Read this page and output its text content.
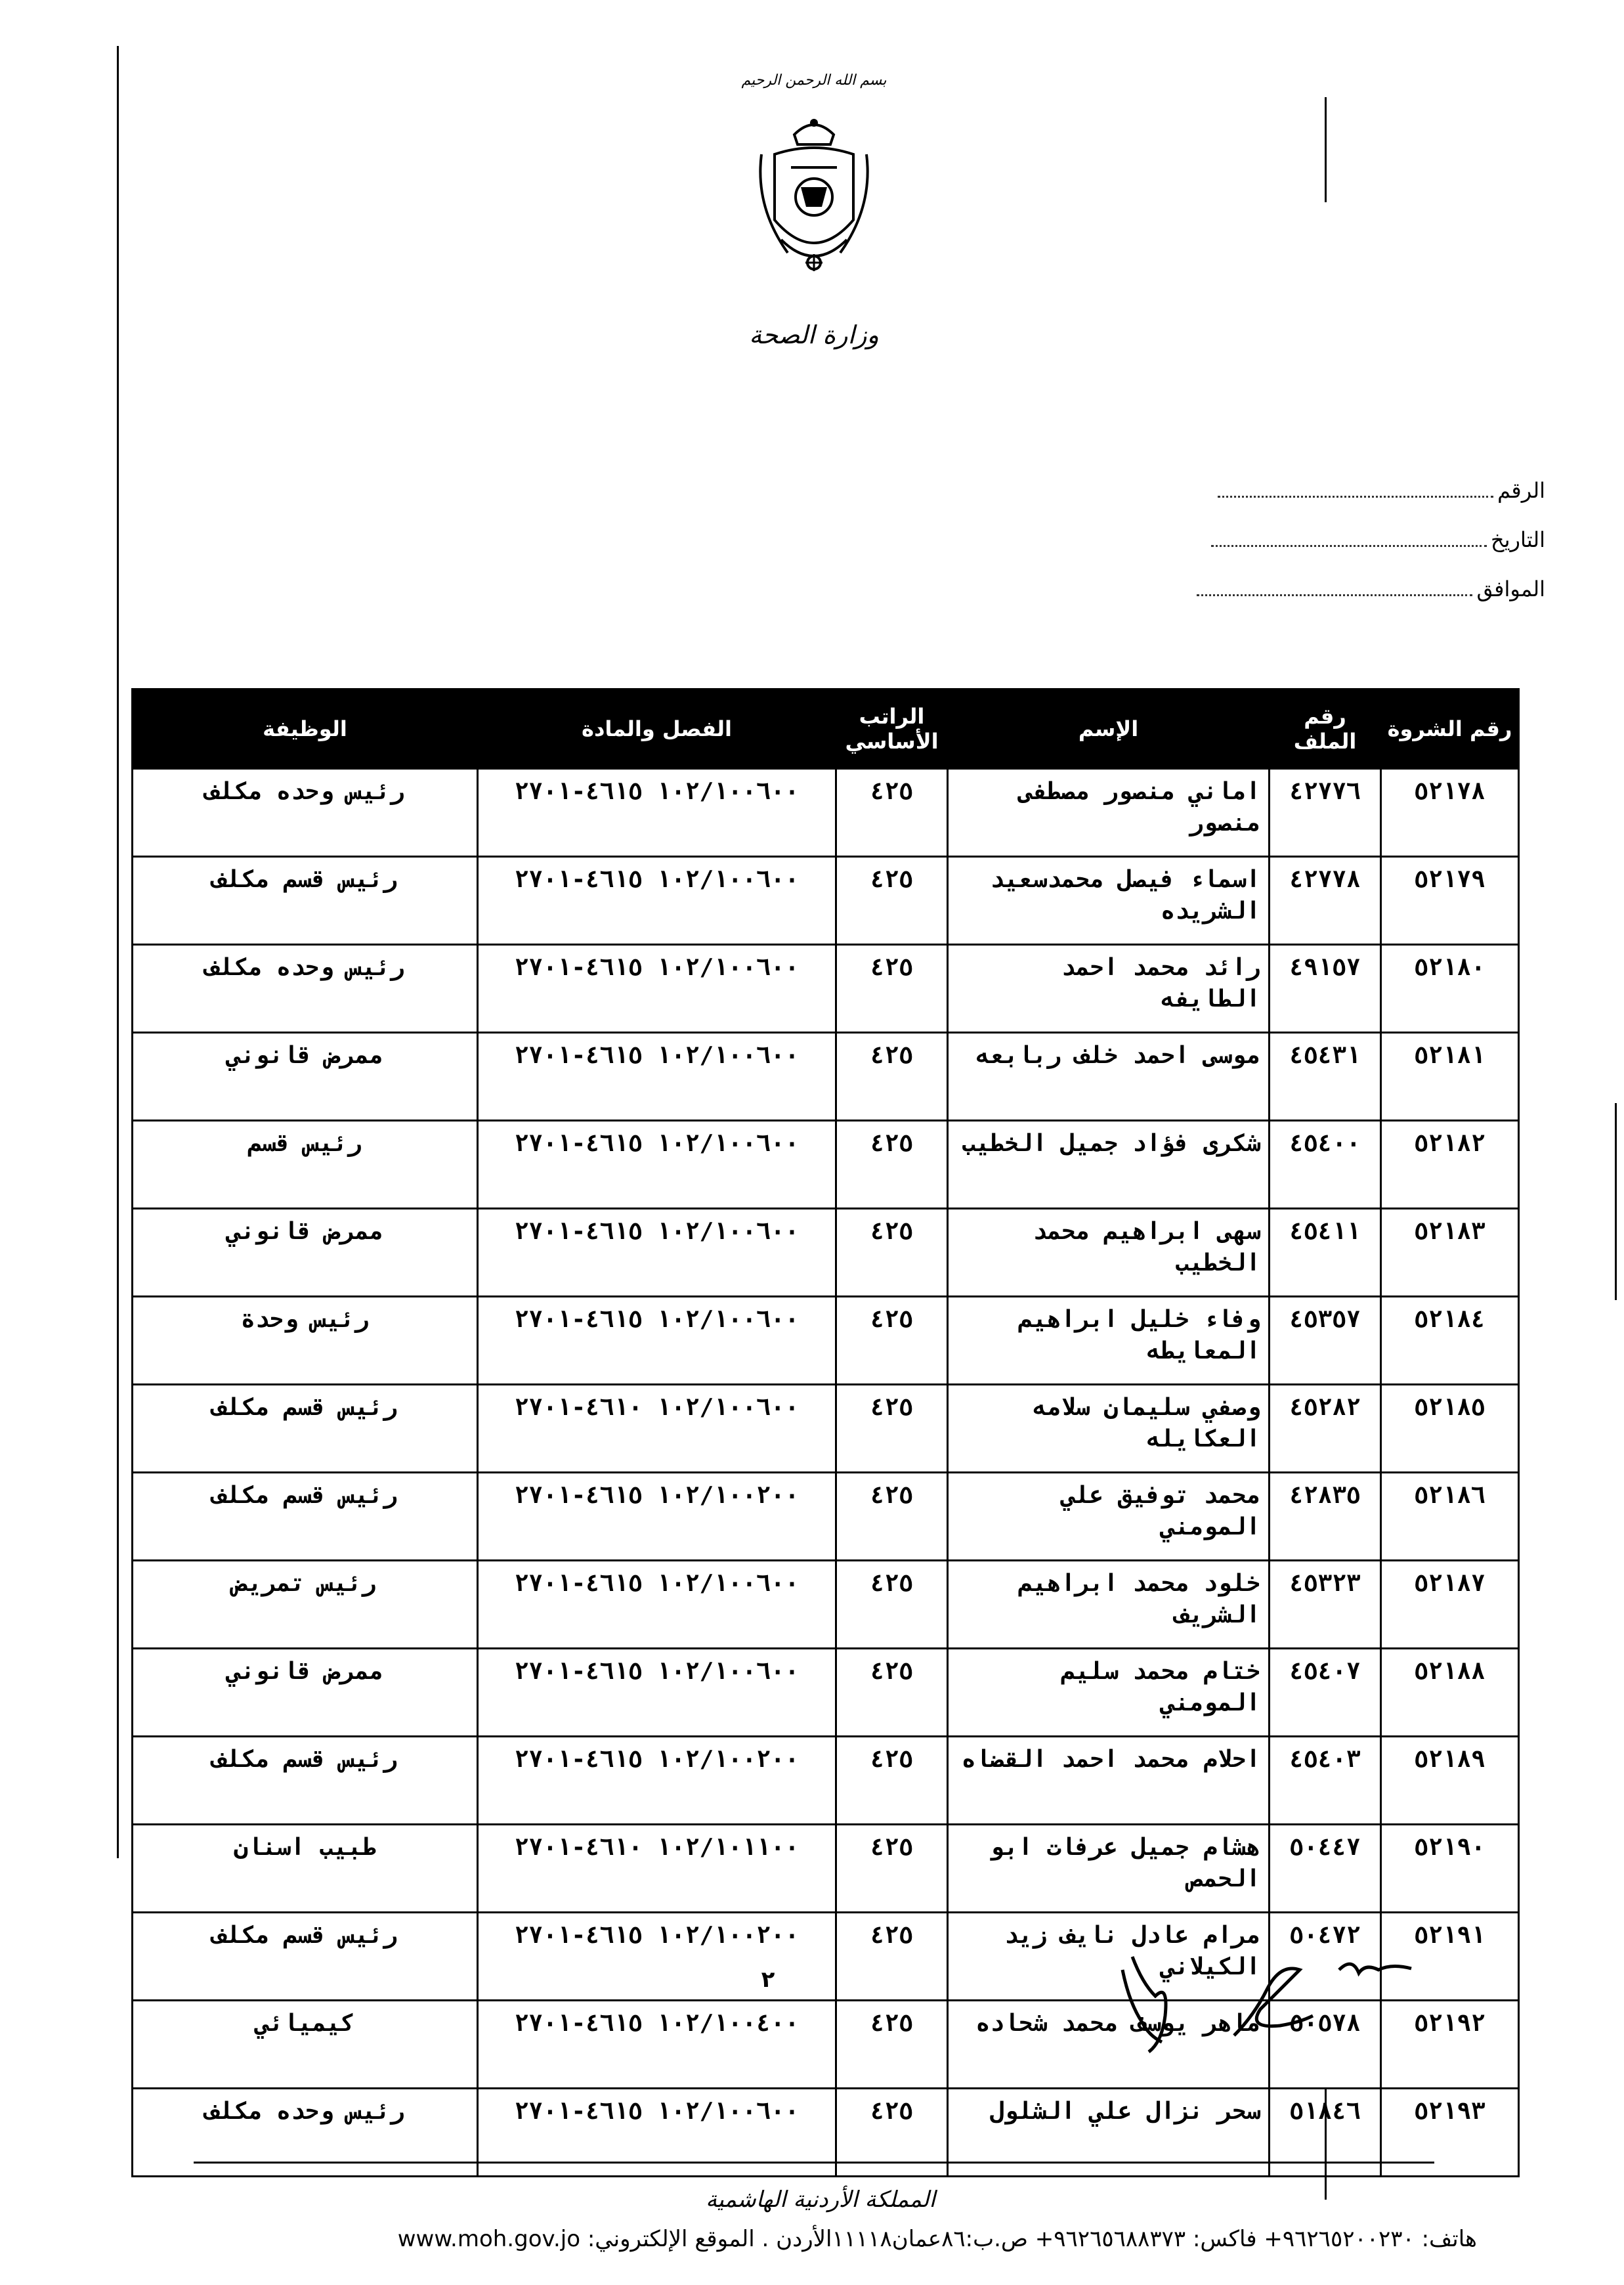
بسم الله الرحمن الرحيم
وزارة الصحة
الرقم
التاريخ
الموافق
رقم الشروة	رقم الملف	الإسم	الراتب الأساسي	الفصل والمادة	الوظيفة
٥٢١٧٨	٤٢٧٧٦	اماني منصور مصطفى منصور	٤٢٥	١٠٢/١٠٠٦٠٠ ٤٦١٥-٢٧٠١	رئيس وحده مكلف
٥٢١٧٩	٤٢٧٧٨	اسماء فيصل محمدسعيد الشريده	٤٢٥	١٠٢/١٠٠٦٠٠ ٤٦١٥-٢٧٠١	رئيس قسم مكلف
٥٢١٨٠	٤٩١٥٧	رائد محمد احمد الطايفه	٤٢٥	١٠٢/١٠٠٦٠٠ ٤٦١٥-٢٧٠١	رئيس وحده مكلف
٥٢١٨١	٤٥٤٣١	موسى احمد خلف ربابعه	٤٢٥	١٠٢/١٠٠٦٠٠ ٤٦١٥-٢٧٠١	ممرض قانوني
٥٢١٨٢	٤٥٤٠٠	شكرى فؤاد جميل الخطيب	٤٢٥	١٠٢/١٠٠٦٠٠ ٤٦١٥-٢٧٠١	رئيس قسم
٥٢١٨٣	٤٥٤١١	سهى ابراهيم محمد الخطيب	٤٢٥	١٠٢/١٠٠٦٠٠ ٤٦١٥-٢٧٠١	ممرض قانوني
٥٢١٨٤	٤٥٣٥٧	وفاء خليل ابراهيم المعايطه	٤٢٥	١٠٢/١٠٠٦٠٠ ٤٦١٥-٢٧٠١	رئيس وحدة
٥٢١٨٥	٤٥٢٨٢	وصفي سليمان سلامه العكايله	٤٢٥	١٠٢/١٠٠٦٠٠ ٤٦١٠-٢٧٠١	رئيس قسم مكلف
٥٢١٨٦	٤٢٨٣٥	محمد توفيق علي المومني	٤٢٥	١٠٢/١٠٠٢٠٠ ٤٦١٥-٢٧٠١	رئيس قسم مكلف
٥٢١٨٧	٤٥٣٢٣	خلود محمد ابراهيم الشريف	٤٢٥	١٠٢/١٠٠٦٠٠ ٤٦١٥-٢٧٠١	رئيس تمريض
٥٢١٨٨	٤٥٤٠٧	ختام محمد سليم المومني	٤٢٥	١٠٢/١٠٠٦٠٠ ٤٦١٥-٢٧٠١	ممرض قانوني
٥٢١٨٩	٤٥٤٠٣	احلام محمد احمد القضاه	٤٢٥	١٠٢/١٠٠٢٠٠ ٤٦١٥-٢٧٠١	رئيس قسم مكلف
٥٢١٩٠	٥٠٤٤٧	هشام جميل عرفات ابو الحمص	٤٢٥	١٠٢/١٠١١٠٠ ٤٦١٠-٢٧٠١	طبيب اسنان
٥٢١٩١	٥٠٤٧٢	مرام عادل نايف زيد الكيلاني	٤٢٥	١٠٢/١٠٠٢٠٠ ٤٦١٥-٢٧٠١	رئيس قسم مكلف
٥٢١٩٢	٥٠٥٧٨	ماهر يوسف محمد شحاده	٤٢٥	١٠٢/١٠٠٤٠٠ ٤٦١٥-٢٧٠١	كيميائي
٥٢١٩٣	٥١٨٤٦	سحر نزال علي الشلول	٤٢٥	١٠٢/١٠٠٦٠٠ ٤٦١٥-٢٧٠١	رئيس وحده مكلف
٢
المملكة الأردنية الهاشمية
هاتف: ٩٦٢٦٥٢٠٠٢٣٠+ فاكس: ٩٦٢٦٥٦٨٨٣٧٣+ ص.ب:٨٦عمان١١١١٨الأردن . الموقع الإلكتروني: www.moh.gov.jo
